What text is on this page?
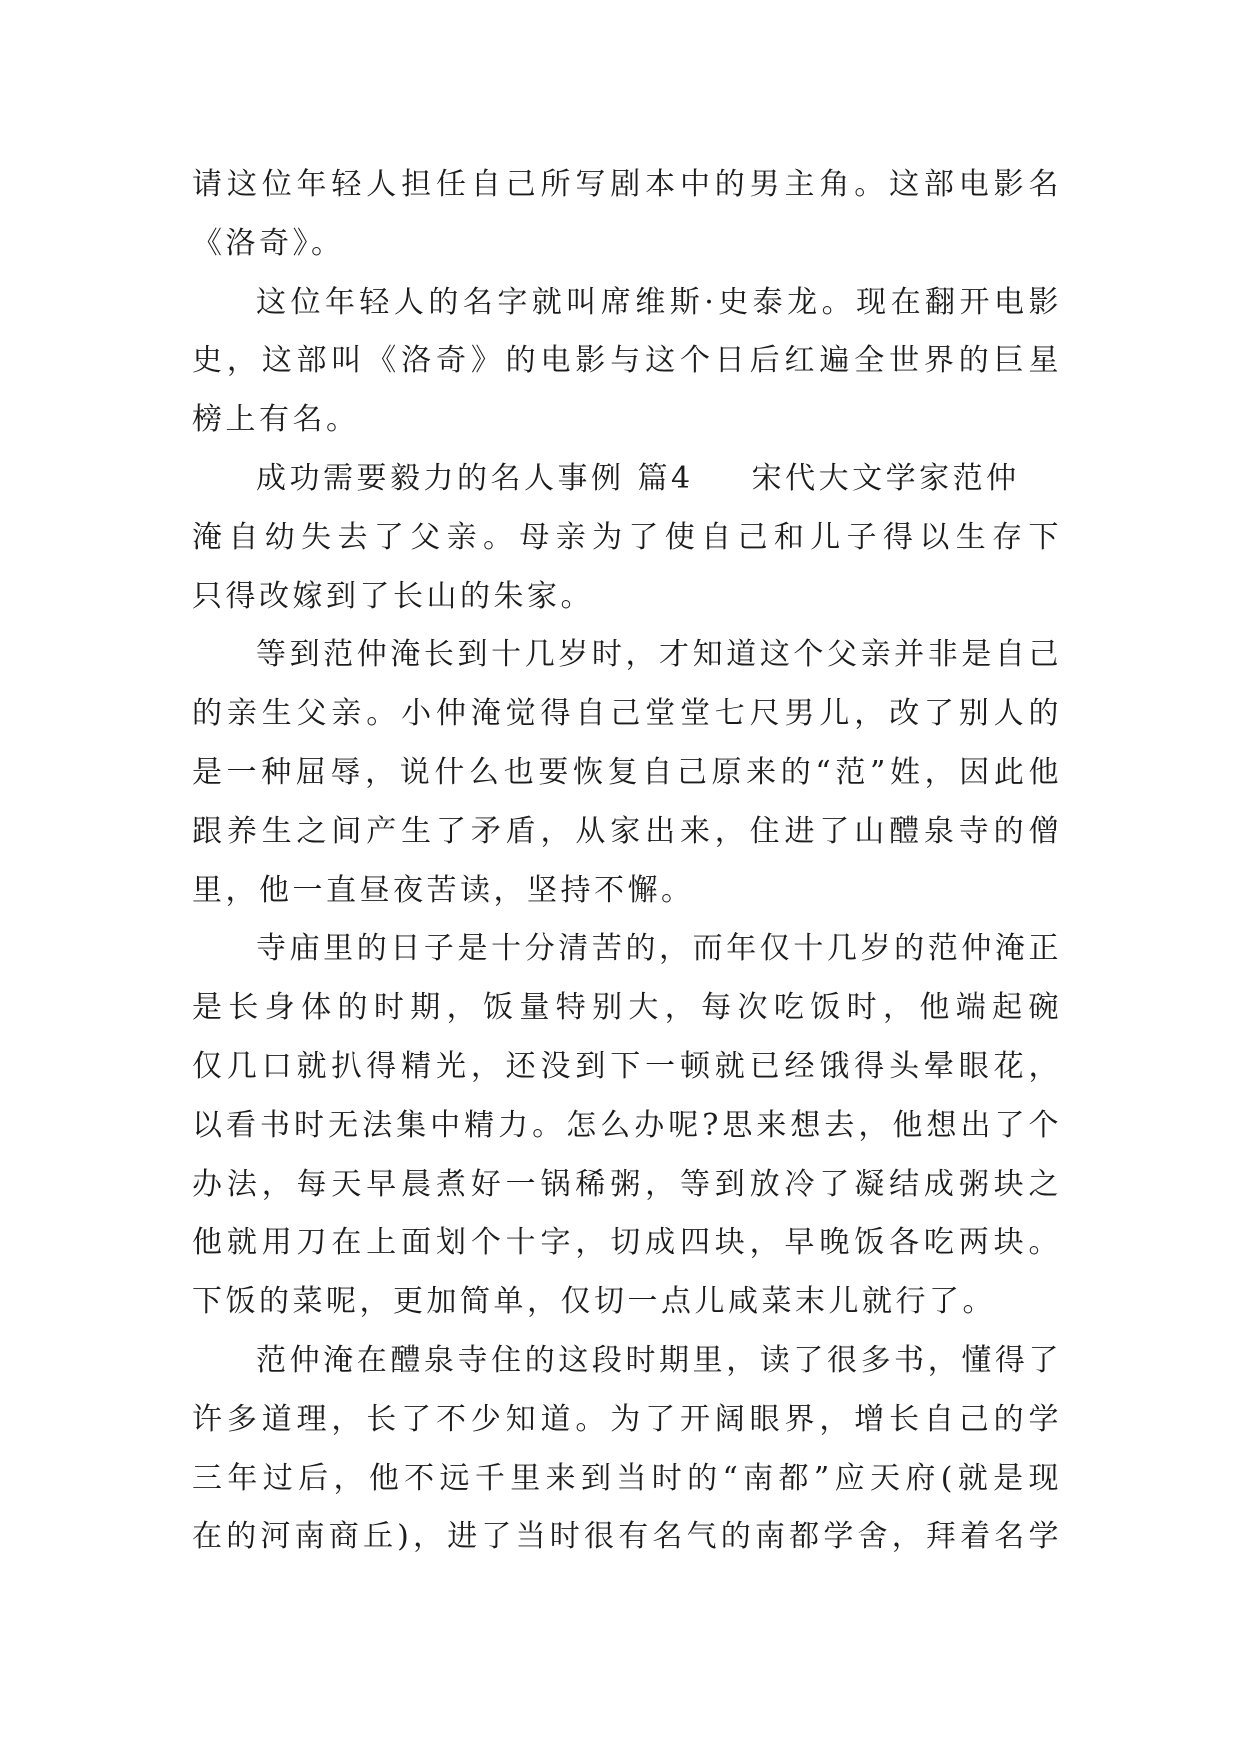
请这位年轻人担任自己所写剧本中的男主角。这部电影名
《洛奇》。
这位年轻人的名字就叫席维斯·史泰龙。现在翻开电影
史，这部叫《洛奇》的电影与这个日后红遍全世界的巨星
榜上有名。
成功需要毅力的名人事例 篇4 宋代大文学家范仲
淹自幼失去了父亲。母亲为了使自己和儿子得以生存下
只得改嫁到了长山的朱家。
等到范仲淹长到十几岁时，才知道这个父亲并非是自己
的亲生父亲。小仲淹觉得自己堂堂七尺男儿，改了别人的
是一种屈辱，说什么也要恢复自己原来的“范”姓，因此他
跟养生之间产生了矛盾，从家出来，住进了山醴泉寺的僧
里，他一直昼夜苦读，坚持不懈。
寺庙里的日子是十分清苦的，而年仅十几岁的范仲淹正
是长身体的时期，饭量特别大，每次吃饭时，他端起碗
仅几口就扒得精光，还没到下一顿就已经饿得头晕眼花，
以看书时无法集中精力。怎么办呢?思来想去，他想出了个
办法，每天早晨煮好一锅稀粥，等到放冷了凝结成粥块之
他就用刀在上面划个十字，切成四块，早晚饭各吃两块。
下饭的菜呢，更加简单，仅切一点儿咸菜末儿就行了。
范仲淹在醴泉寺住的这段时期里，读了很多书，懂得了
许多道理，长了不少知道。为了开阔眼界，增长自己的学
三年过后，他不远千里来到当时的“南都”应天府(就是现
在的河南商丘)，进了当时很有名气的南都学舍，拜着名学
